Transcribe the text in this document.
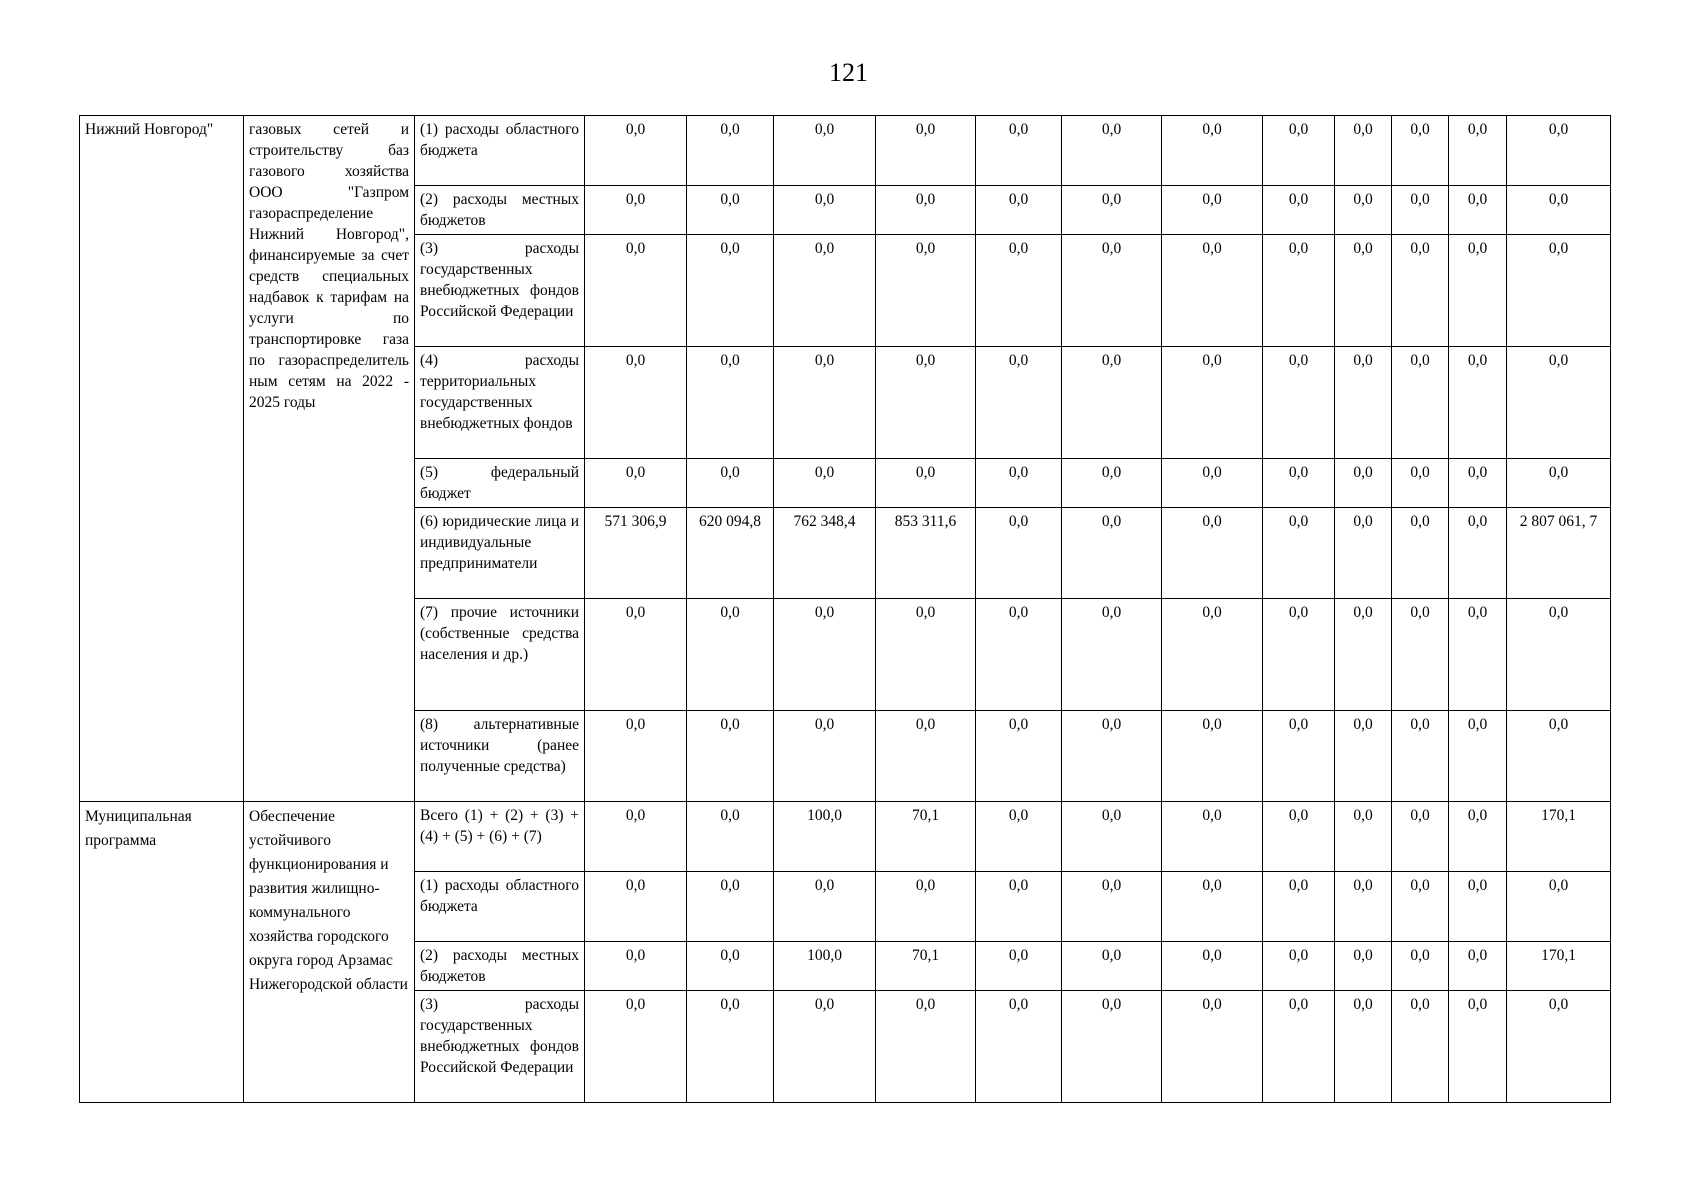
121
Нижний Новгород"	газовых сетей и строительству баз газового хозяйства ООО "Газпром газораспределение Нижний Новгород", финансируемые за счет средств специальных надбавок к тарифам на услуги по транспортировке газа по газораспределитель ным сетям на 2022 - 2025 годы	(1) расходы областного бюджета	0,0	0,0	0,0	0,0	0,0	0,0	0,0	0,0	0,0	0,0	0,0	0,0
		(2) расходы местных бюджетов	0,0	0,0	0,0	0,0	0,0	0,0	0,0	0,0	0,0	0,0	0,0	0,0
		(3) расходы государственных внебюджетных фондов Российской Федерации	0,0	0,0	0,0	0,0	0,0	0,0	0,0	0,0	0,0	0,0	0,0	0,0
		(4) расходы территориальных государственных внебюджетных фондов	0,0	0,0	0,0	0,0	0,0	0,0	0,0	0,0	0,0	0,0	0,0	0,0
		(5) федеральный бюджет	0,0	0,0	0,0	0,0	0,0	0,0	0,0	0,0	0,0	0,0	0,0	0,0
		(6) юридические лица и индивидуальные предприниматели	571 306,9	620 094,8	762 348,4	853 311,6	0,0	0,0	0,0	0,0	0,0	0,0	0,0	2 807 061, 7
		(7) прочие источники (собственные средства населения и др.)	0,0	0,0	0,0	0,0	0,0	0,0	0,0	0,0	0,0	0,0	0,0	0,0
		(8) альтернативные источники (ранее полученные средства)	0,0	0,0	0,0	0,0	0,0	0,0	0,0	0,0	0,0	0,0	0,0	0,0
Муниципальная программа	Обеспечение устойчивого функционирования и развития жилищно-коммунального хозяйства городского округа город Арзамас Нижегородской области	Всего (1) + (2) + (3) + (4) + (5) + (6) + (7)	0,0	0,0	100,0	70,1	0,0	0,0	0,0	0,0	0,0	0,0	0,0	170,1
		(1) расходы областного бюджета	0,0	0,0	0,0	0,0	0,0	0,0	0,0	0,0	0,0	0,0	0,0	0,0
		(2) расходы местных бюджетов	0,0	0,0	100,0	70,1	0,0	0,0	0,0	0,0	0,0	0,0	0,0	170,1
		(3) расходы государственных внебюджетных фондов Российской Федерации	0,0	0,0	0,0	0,0	0,0	0,0	0,0	0,0	0,0	0,0	0,0	0,0
